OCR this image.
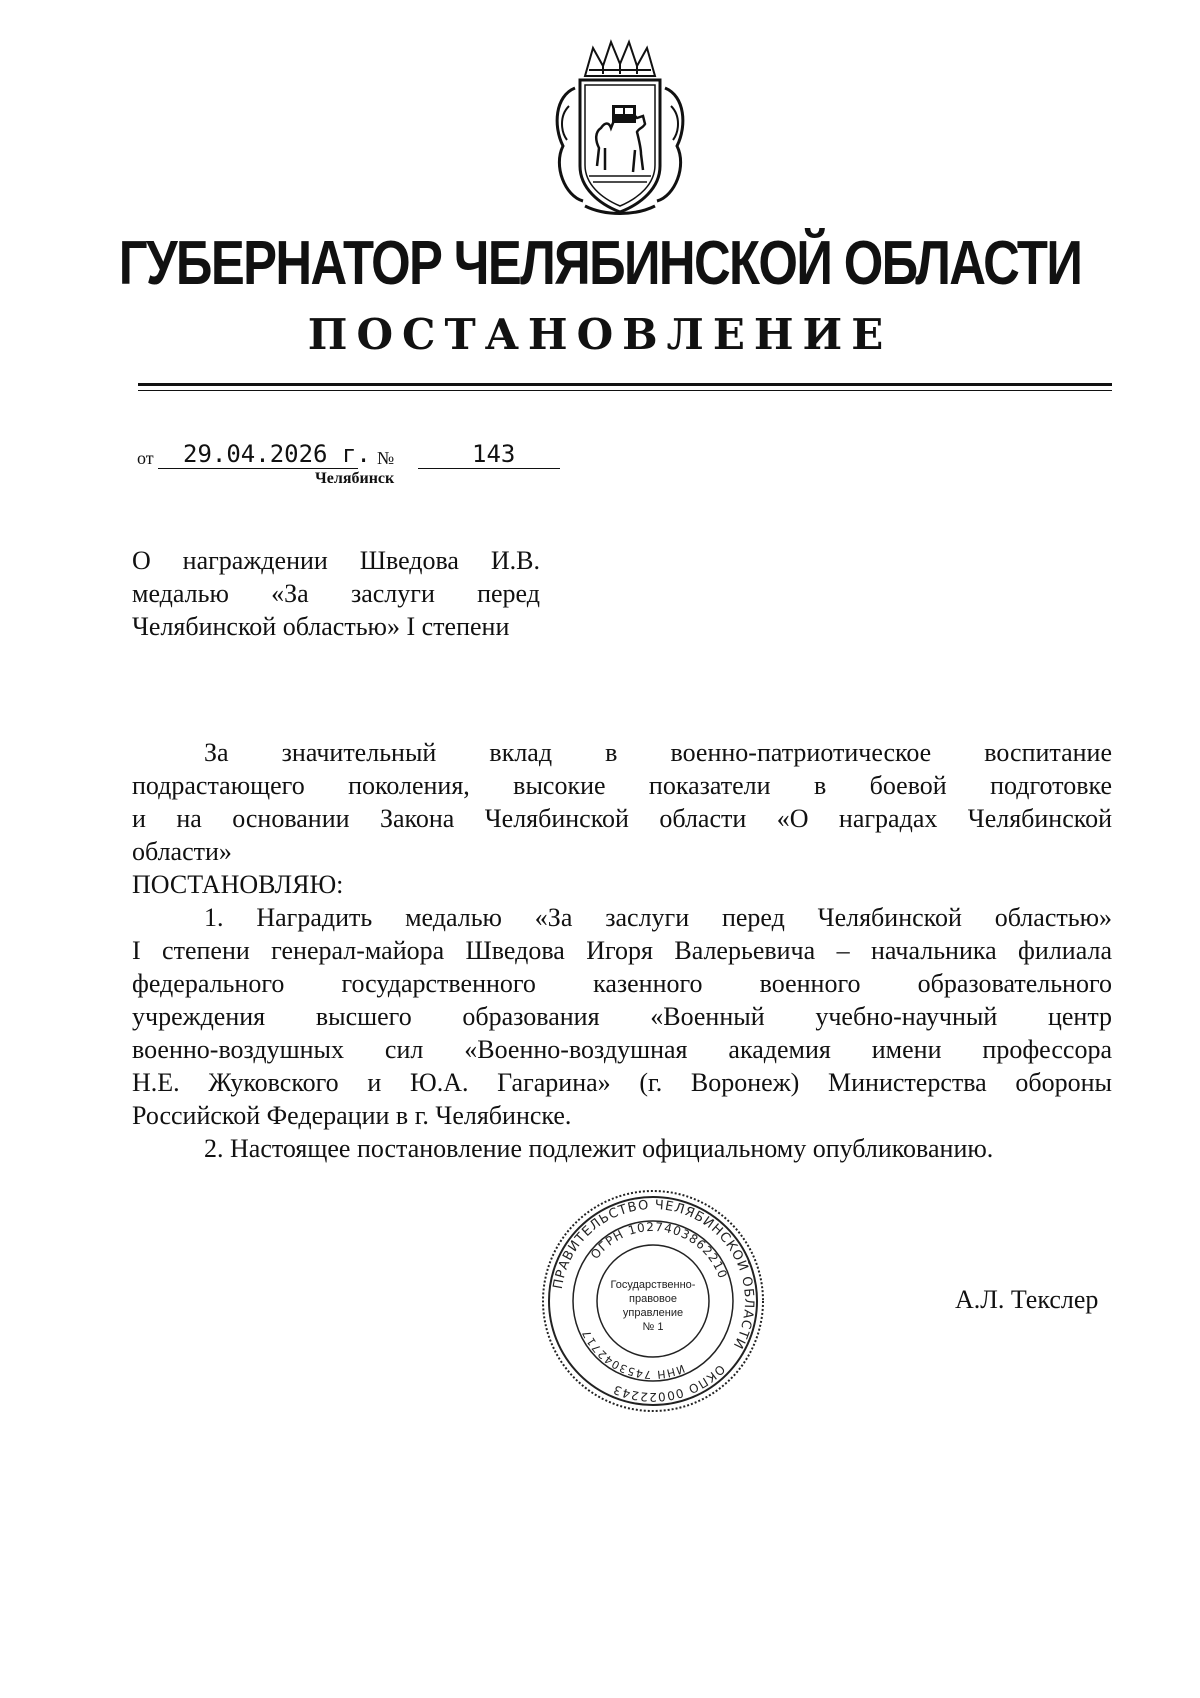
ГУБЕРНАТОР ЧЕЛЯБИНСКОЙ ОБЛАСТИ
ПОСТАНОВЛЕНИЕ
от 29.04.2026 г. №	143
Челябинск
О награждении Шведова И.В.
медалью «За заслуги перед
Челябинской областью» I степени
За значительный вклад в военно-патриотическое воспитание
подрастающего поколения, высокие показатели в боевой подготовке
и на основании Закона Челябинской области «О наградах Челябинской
области»
ПОСТАНОВЛЯЮ:
1. Наградить медалью «За заслуги перед Челябинской областью»
I степени генерал-майора Шведова Игоря Валерьевича – начальника филиала
федерального государственного казенного военного образовательного
учреждения высшего образования «Военный учебно-научный центр
военно-воздушных сил «Военно-воздушная академия имени профессора
Н.Е. Жуковского и Ю.А. Гагарина» (г. Воронеж) Министерства обороны
Российской Федерации в г. Челябинске.
2. Настоящее постановление подлежит официальному опубликованию.
ПРАВИТЕЛЬСТВО ЧЕЛЯБИНСКОЙ ОБЛАСТИ
ОКПО 00022243
ОГРН 1027403862210
ИНН 7453042717
Государственно-
правовое
управление
№ 1
А.Л. Текслер
